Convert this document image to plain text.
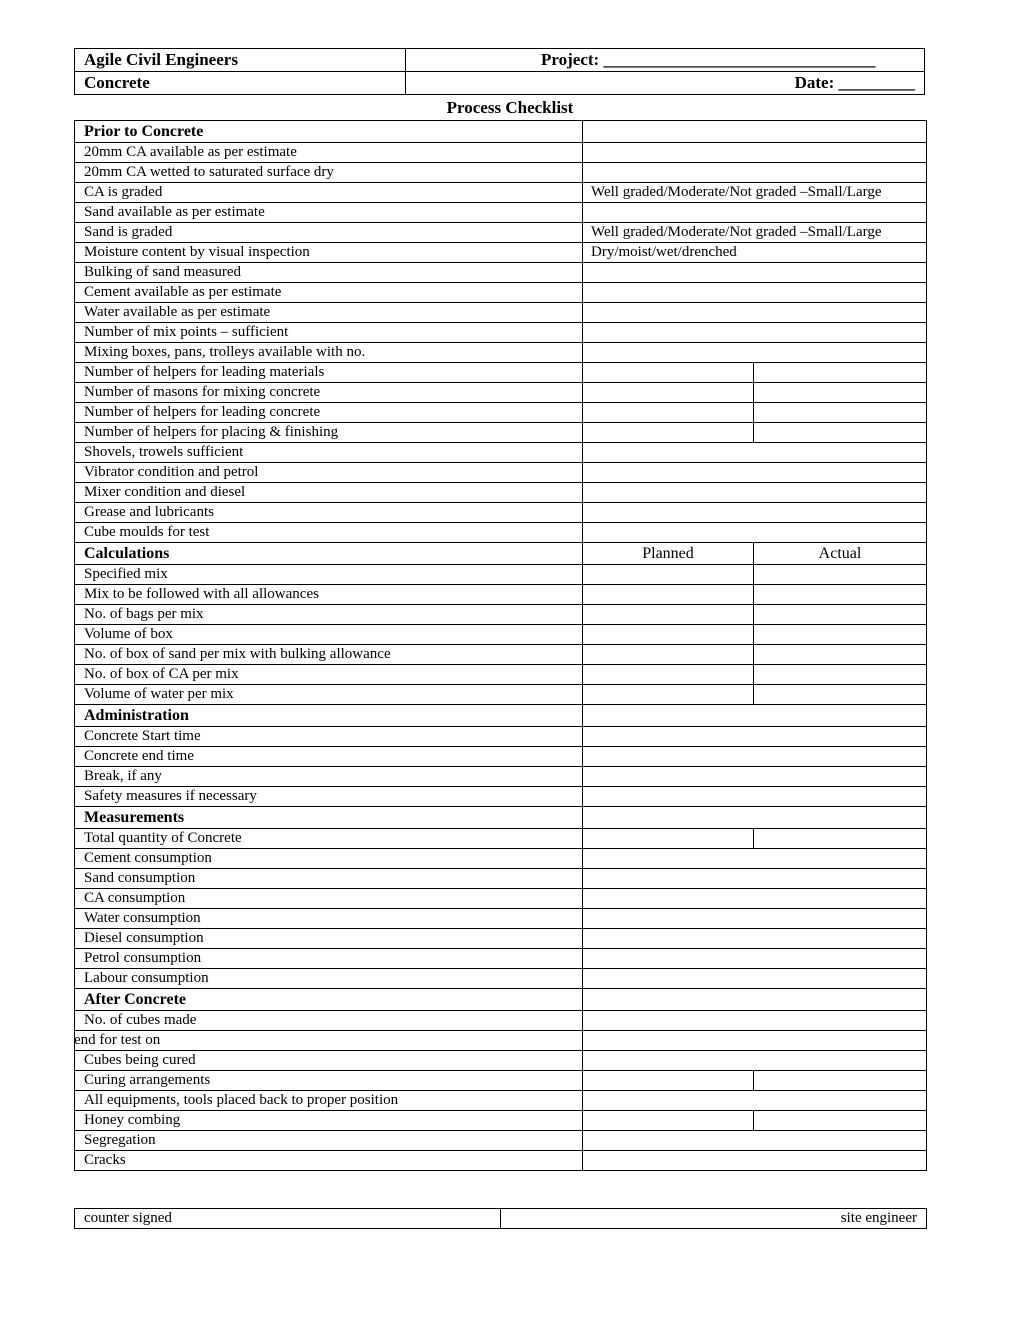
Agile Civil Engineers	Project: ________________________________
Concrete	Date: _________
Process Checklist
Prior to Concrete		
20mm CA available as per estimate		
20mm CA wetted to saturated surface dry		
CA is graded	Well graded/Moderate/Not graded –Small/Large	
Sand available as per estimate		
Sand is graded	Well graded/Moderate/Not graded –Small/Large	
Moisture content by visual inspection	Dry/moist/wet/drenched	
Bulking of sand measured		
Cement available as per estimate		
Water available as per estimate		
Number of mix points – sufficient		
Mixing boxes, pans, trolleys available with no.		
Number of helpers for leading materials		
Number of masons for mixing concrete		
Number of helpers for leading concrete		
Number of helpers for placing & finishing		
Shovels, trowels sufficient		
Vibrator condition and petrol		
Mixer condition and diesel		
Grease and lubricants		
Cube moulds for test		
Calculations	Planned	Actual
Specified mix		
Mix to be followed with all allowances		
No. of bags per mix		
Volume of box		
No. of box of sand per mix with bulking allowance		
No. of box of CA per mix		
Volume of water per mix		
Administration		
Concrete Start time		
Concrete end time		
Break, if any		
Safety measures if necessary		
Measurements		
Total quantity of Concrete		
Cement consumption		
Sand consumption		
CA consumption		
Water consumption		
Diesel consumption		
Petrol consumption		
Labour consumption		
After Concrete		
No. of cubes made		
end for test on		
Cubes being cured		
Curing arrangements		
All equipments, tools placed back to proper position		
Honey combing		
Segregation		
Cracks		
counter signed	site engineer
